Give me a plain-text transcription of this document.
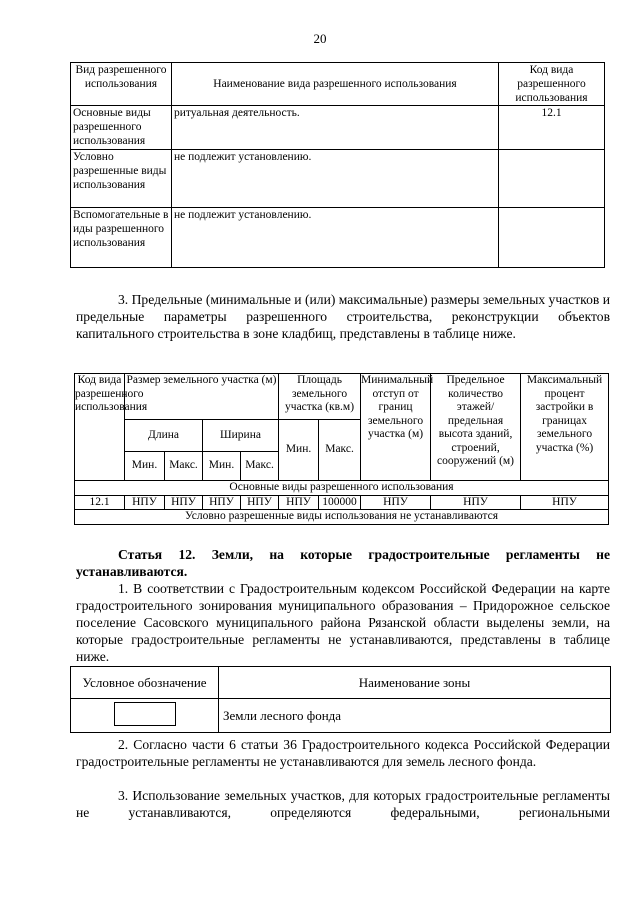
20
Вид разрешенного использования	Наименование вида разрешенного использования	Код вида разрешенного использования
Основные виды разрешенного использования	ритуальная деятельность.	12.1
Условно разрешенные виды использования	не подлежит установлению.	
Вспомогательные виды разрешенного использования	не подлежит установлению.	
3. Предельные (минимальные и (или) максимальные) размеры земельных участков и предельные параметры разрешенного строительства, реконструкции объектов капитального строительства в зоне кладбищ, представлены в таблице ниже.
Код вида разрешенного использования	Размер земельного участка (м)				Площадь земельного участка (кв.м)		Минимальный отступ от границ земельного участка (м)	Предельное количество этажей/ предельная высота зданий, строений, сооружений (м)	Максимальный процент застройки в границах земельного участка (%)
	Длина		Ширина		Мин.	Макс.			
	Мин.	Макс.	Мин.	Макс.					
Основные виды разрешенного использования									
12.1	НПУ	НПУ	НПУ	НПУ	НПУ	100000	НПУ	НПУ	НПУ
Условно разрешенные виды использования не устанавливаются									
Статья 12. Земли, на которые градостроительные регламенты не устанавливаются.
1. В соответствии с Градостроительным кодексом Российской Федерации на карте градостроительного зонирования муниципального образования – Придорожное сельское поселение Сасовского муниципального района Рязанской области выделены земли, на которые градостроительные регламенты не устанавливаются, представлены в таблице ниже.
Условное обозначение	Наименование зоны
	Земли лесного фонда
2. Согласно части 6 статьи 36 Градостроительного кодекса Российской Федерации градостроительные регламенты не устанавливаются для земель лесного фонда.
3. Использование земельных участков, для которых градостроительные регламенты не устанавливаются, определяются федеральными, региональными
